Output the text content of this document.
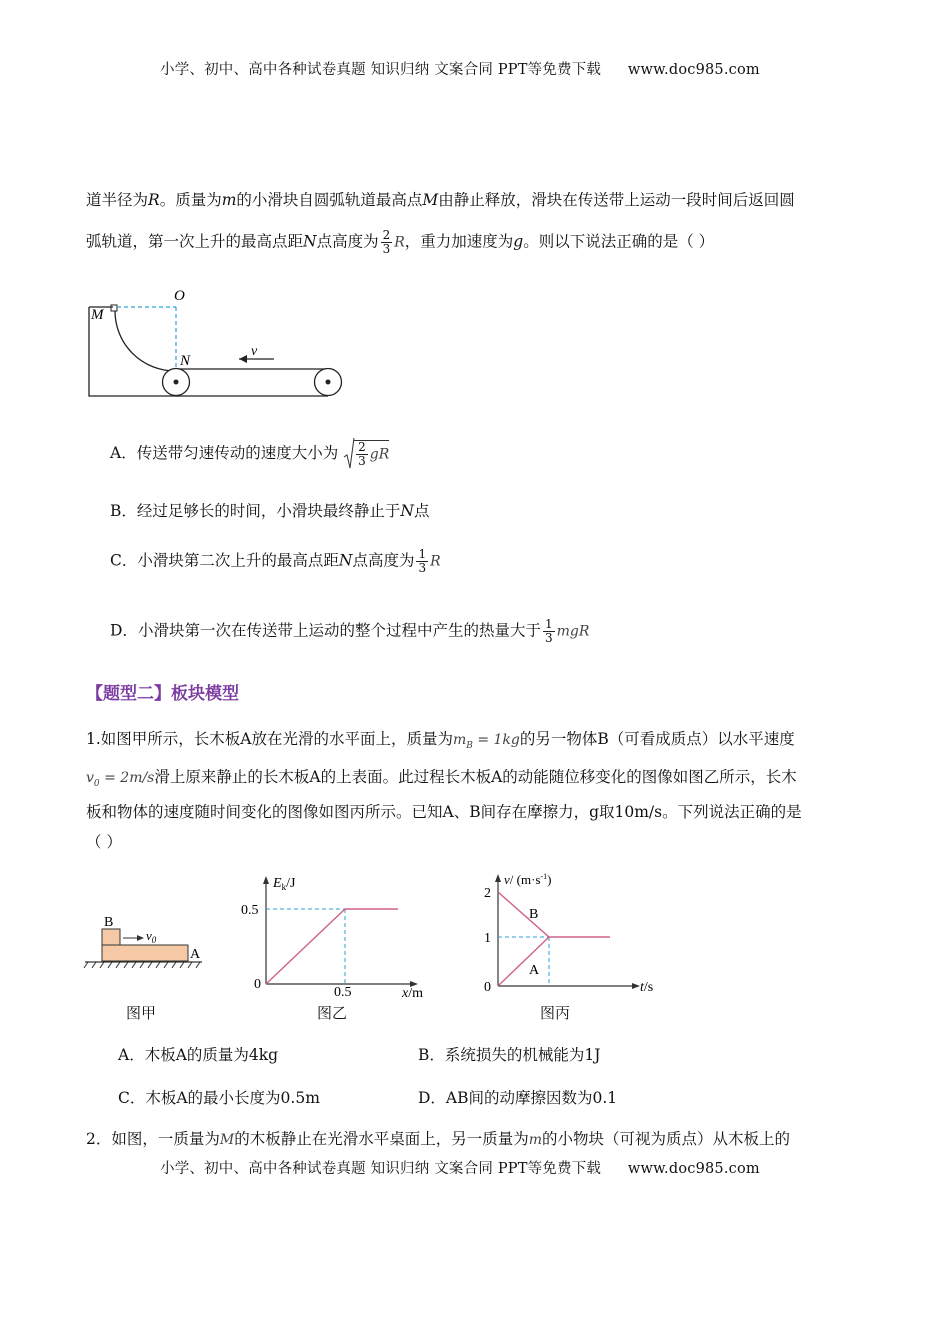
小学、初中、高中各种试卷真题 知识归纳 文案合同 PPT等免费下载 www.doc985.com
道半径为R。质量为m的小滑块自圆弧轨道最高点M由静止释放，滑块在传送带上运动一段时间后返回圆
弧轨道，第一次上升的最高点距N点高度为 $\frac{2}{3}$ R，重力加速度为g。则以下说法正确的是（ ）
O
M
N
v
A．传送带匀速传动的速度大小为 $\frac{2}{3}$ gR
B．经过足够长的时间，小滑块最终静止于N点
C．小滑块第二次上升的最高点距N点高度为 $\frac{1}{3}$ R
D．小滑块第一次在传送带上运动的整个过程中产生的热量大于 $\frac{1}{3}$ mgR
【题型二】板块模型
1.如图甲所示，长木板A放在光滑的水平面上，质量为$m_B = 1kg$的另一物体B（可看成质点）以水平速度
$v_0 = 2m/s$滑上原来静止的长木板A的上表面。此过程长木板A的动能随位移变化的图像如图乙所示，长木
板和物体的速度随时间变化的图像如图丙所示。已知A、B间存在摩擦力，g取10m/s。下列说法正确的是
（ ）
B
A
$v_0$
图甲
$E_k/J$
0.5
0
0.5	x/m
图乙
v/ $(m\cdot s^{-1})$
2
1
0
B
A
t/s
图丙
A．木板A的质量为4kg	B．系统损失的机械能为1J
C．木板A的最小长度为0.5m	D．AB间的动摩擦因数为0.1
2．如图，一质量为M的木板静止在光滑水平桌面上，另一质量为m的小物块（可视为质点）从木板上的
小学、初中、高中各种试卷真题 知识归纳 文案合同 PPT等免费下载 www.doc985.com
